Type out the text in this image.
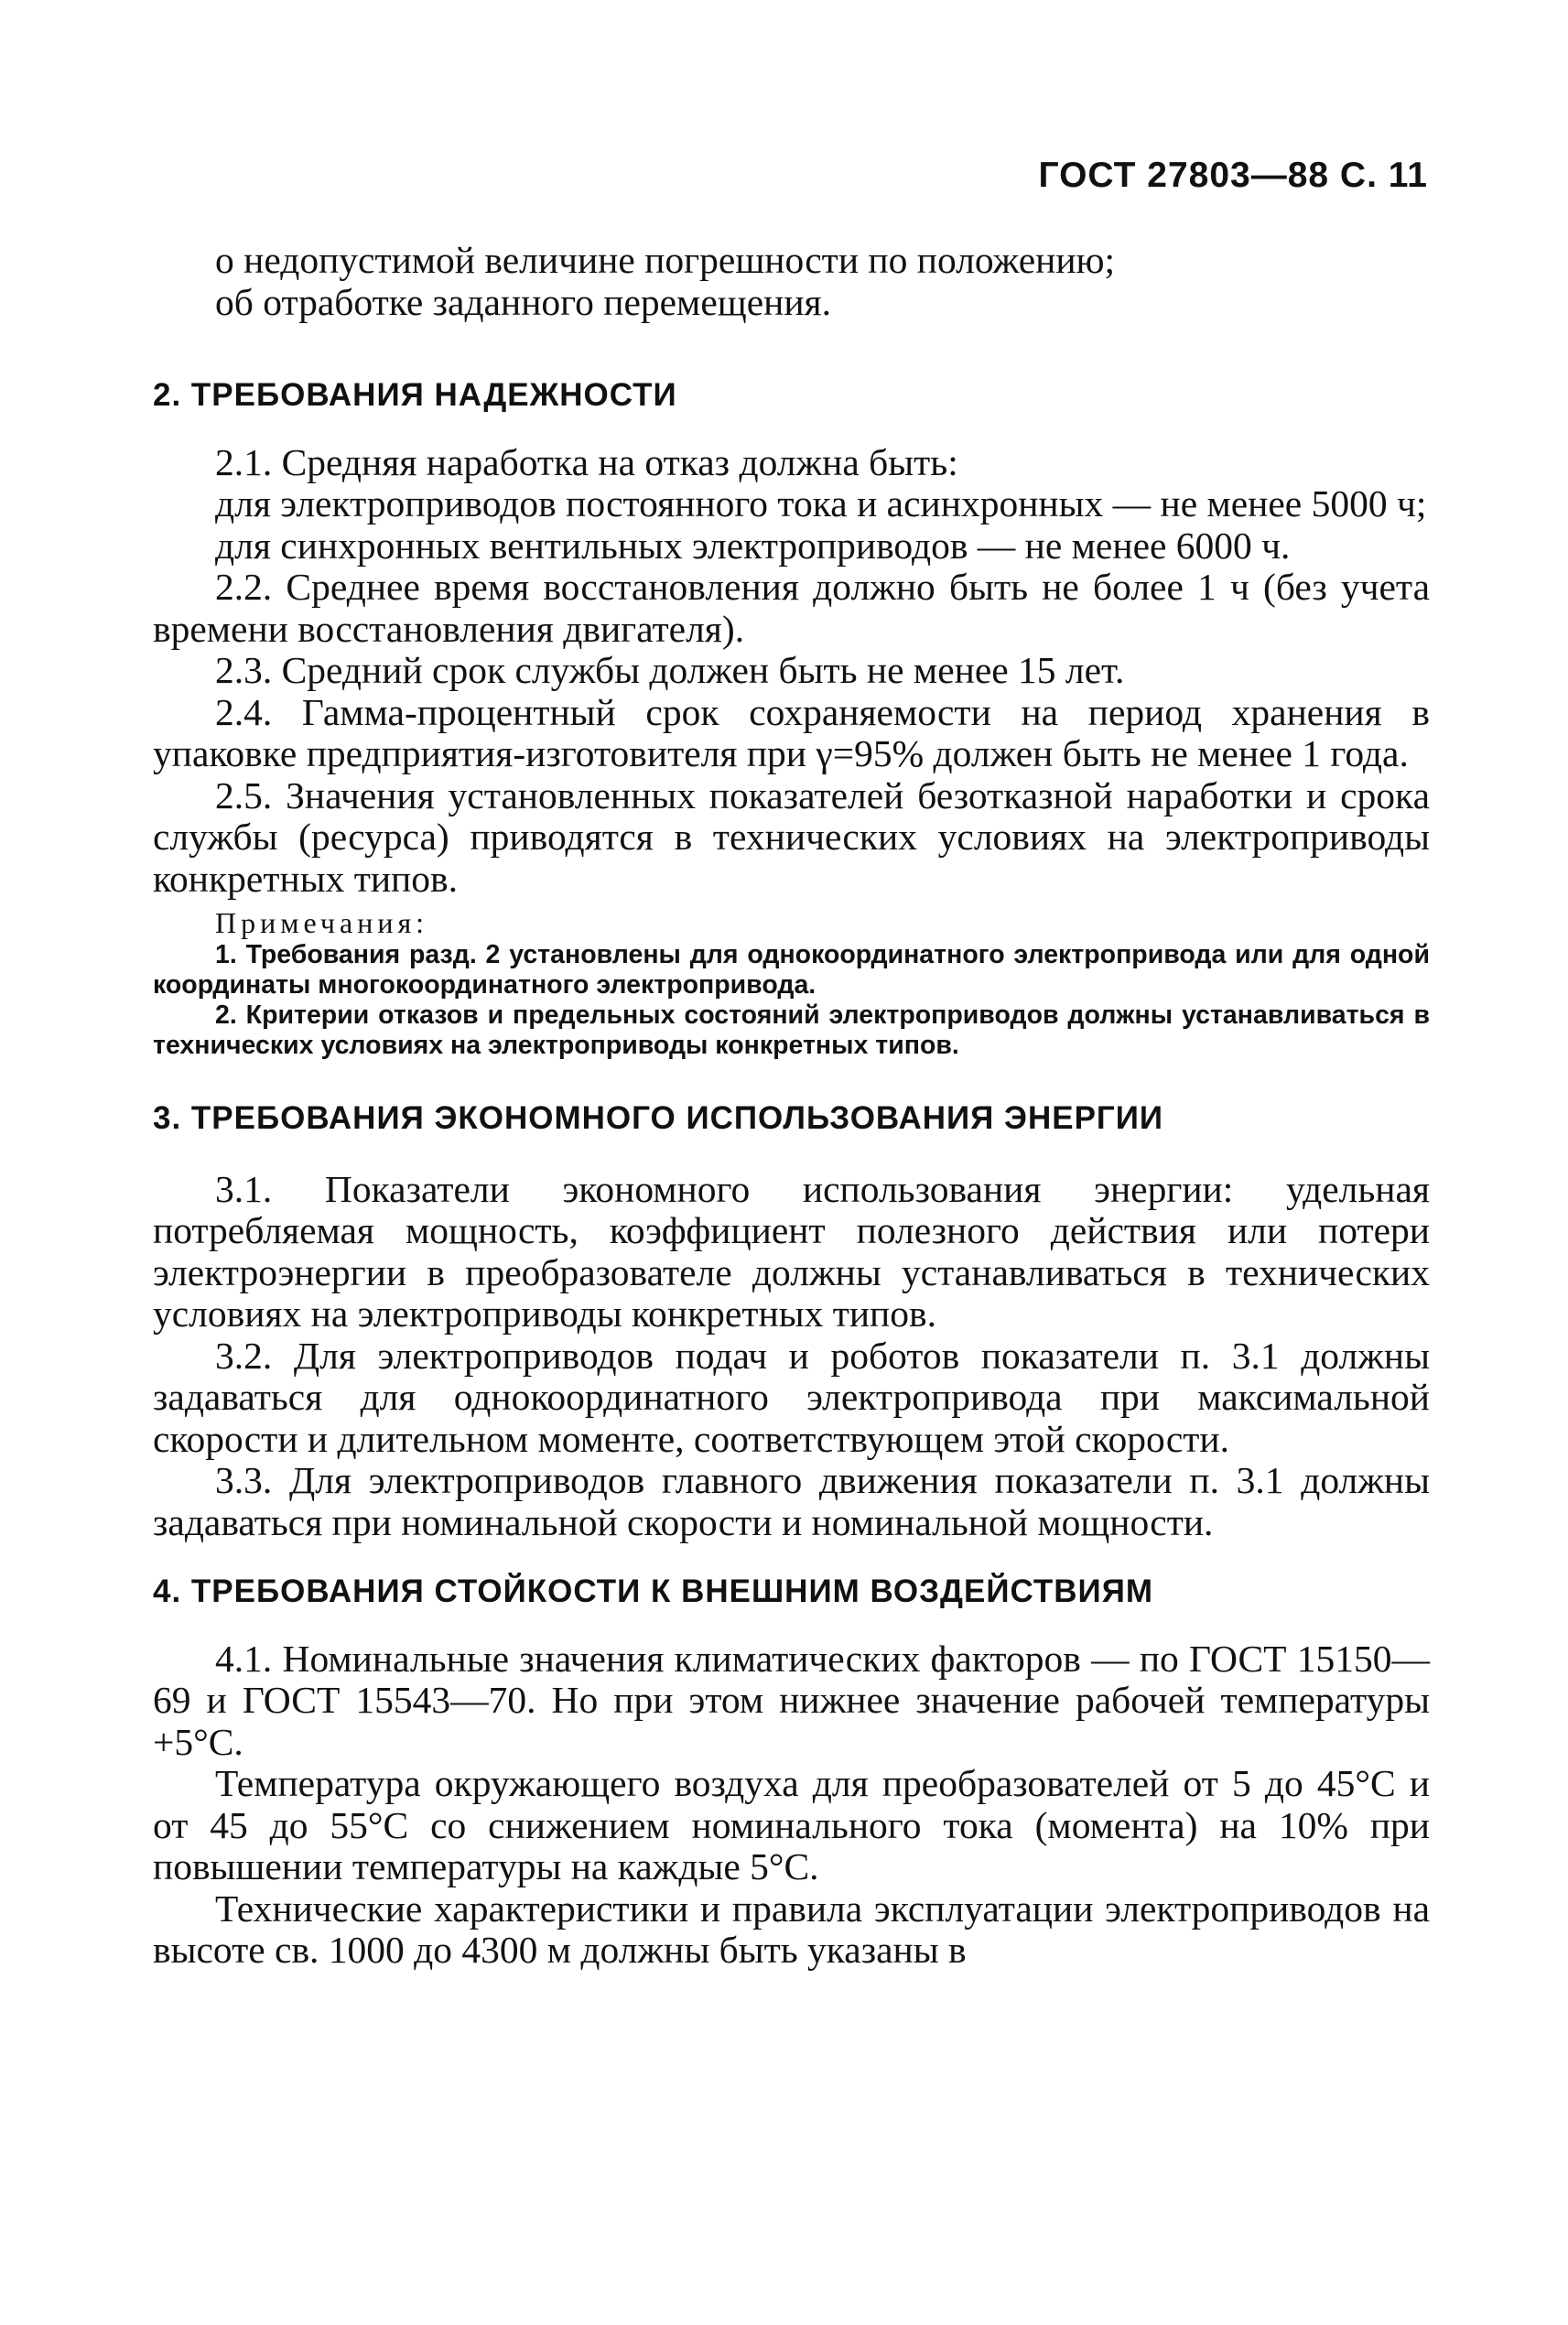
ГОСТ 27803—88 С. 11

о недопустимой величине погрешности по положению;

об отработке заданного перемещения.

2. ТРЕБОВАНИЯ НАДЕЖНОСТИ

2.1. Средняя наработка на отказ должна быть:

для электроприводов постоянного тока и асинхронных — не менее 5000 ч;

для синхронных вентильных электроприводов — не менее 6000 ч.

2.2. Среднее время восстановления должно быть не более 1 ч (без учета времени восстановления двигателя).

2.3. Средний срок службы должен быть не менее 15 лет.

2.4. Гамма-процентный срок сохраняемости на период хранения в упаковке предприятия-изготовителя при γ=95% должен быть не менее 1 года.

2.5. Значения установленных показателей безотказной наработки и срока службы (ресурса) приводятся в технических условиях на электроприводы конкретных типов.

Примечания:

1. Требования разд. 2 установлены для однокоординатного электропривода или для одной координаты многокоординатного электропривода.

2. Критерии отказов и предельных состояний электроприводов должны устанавливаться в технических условиях на электроприводы конкретных типов.

3. ТРЕБОВАНИЯ ЭКОНОМНОГО ИСПОЛЬЗОВАНИЯ ЭНЕРГИИ

3.1. Показатели экономного использования энергии: удельная потребляемая мощность, коэффициент полезного действия или потери электроэнергии в преобразователе должны устанавливаться в технических условиях на электроприводы конкретных типов.

3.2. Для электроприводов подач и роботов показатели п. 3.1 должны задаваться для однокоординатного электропривода при максимальной скорости и длительном моменте, соответствующем этой скорости.

3.3. Для электроприводов главного движения показатели п. 3.1 должны задаваться при номинальной скорости и номинальной мощности.

4. ТРЕБОВАНИЯ СТОЙКОСТИ К ВНЕШНИМ ВОЗДЕЙСТВИЯМ

4.1. Номинальные значения климатических факторов — по ГОСТ 15150—69 и ГОСТ 15543—70. Но при этом нижнее значение рабочей температуры +5°С.

Температура окружающего воздуха для преобразователей от 5 до 45°С и от 45 до 55°С со снижением номинального тока (момента) на 10% при повышении температуры на каждые 5°С.

Технические характеристики и правила эксплуатации электроприводов на высоте св. 1000 до 4300 м должны быть указаны в
